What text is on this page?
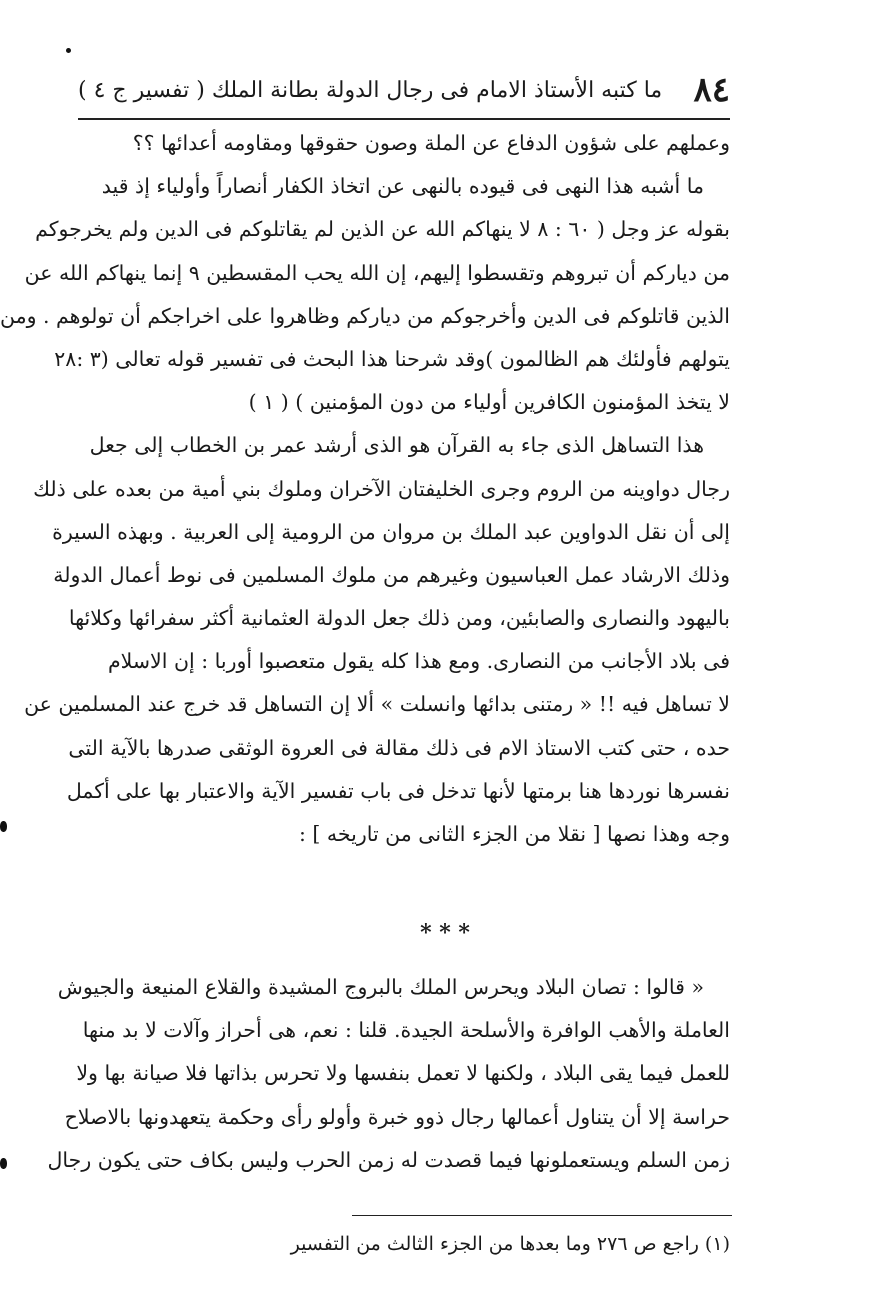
٨٤
ما كتبه الأستاذ الامام فى رجال الدولة بطانة الملك ( تفسير ج ٤ )
وعملهم على شؤون الدفاع عن الملة وصون حقوقها ومقاومه أعدائها ؟؟
ما أشبه هذا النهى فى قيوده بالنهى عن اتخاذ الكفار أنصاراً وأولياء إذ قيد
بقوله عز وجل ( ٦٠ : ٨ لا ينهاكم الله عن الذين لم يقاتلوكم فى الدين ولم يخرجوكم
من دياركم أن تبروهم وتقسطوا إليهم، إن الله يحب المقسطين ٩ إنما ينهاكم الله عن
الذين قاتلوكم فى الدين وأخرجوكم من دياركم وظاهروا على اخراجكم أن تولوهم . ومن
يتولهم فأولئك هم الظالمون )وقد شرحنا هذا البحث فى تفسير قوله تعالى (٣ :٢٨
لا يتخذ المؤمنون الكافرين أولياء من دون المؤمنين ) ( ١ )
هذا التساهل الذى جاء به القرآن هو الذى أرشد عمر بن الخطاب إلى جعل
رجال دواوينه من الروم وجرى الخليفتان الآخران وملوك بني أمية من بعده على ذلك
إلى أن نقل الدواوين عبد الملك بن مروان من الرومية إلى العربية . وبهذه السيرة
وذلك الارشاد عمل العباسيون وغيرهم من ملوك المسلمين فى نوط أعمال الدولة
باليهود والنصارى والصابئين، ومن ذلك جعل الدولة العثمانية أكثر سفرائها وكلائها
فى بلاد الأجانب من النصارى. ومع هذا كله يقول متعصبوا أوربا : إن الاسلام
لا تساهل فيه !! « رمتنى بدائها وانسلت » ألا إن التساهل قد خرج عند المسلمين عن
حده ، حتى كتب الاستاذ الام فى ذلك مقالة فى العروة الوثقى صدرها بالآية التى
نفسرها نوردها هنا برمتها لأنها تدخل فى باب تفسير الآية والاعتبار بها على أكمل
وجه وهذا نصها [ نقلا من الجزء الثانى من تاريخه ] :
* * *
« قالوا : تصان البلاد ويحرس الملك بالبروج المشيدة والقلاع المنيعة والجيوش
العاملة والأهب الوافرة والأسلحة الجيدة. قلنا : نعم، هى أحراز وآلات لا بد منها
للعمل فيما يقى البلاد ، ولكنها لا تعمل بنفسها ولا تحرس بذاتها فلا صيانة بها ولا
حراسة إلا أن يتناول أعمالها رجال ذوو خبرة وأولو رأى وحكمة يتعهدونها بالاصلاح
زمن السلم ويستعملونها فيما قصدت له زمن الحرب وليس بكاف حتى يكون رجال
(١) راجع ص ٢٧٦ وما بعدها من الجزء الثالث من التفسير
